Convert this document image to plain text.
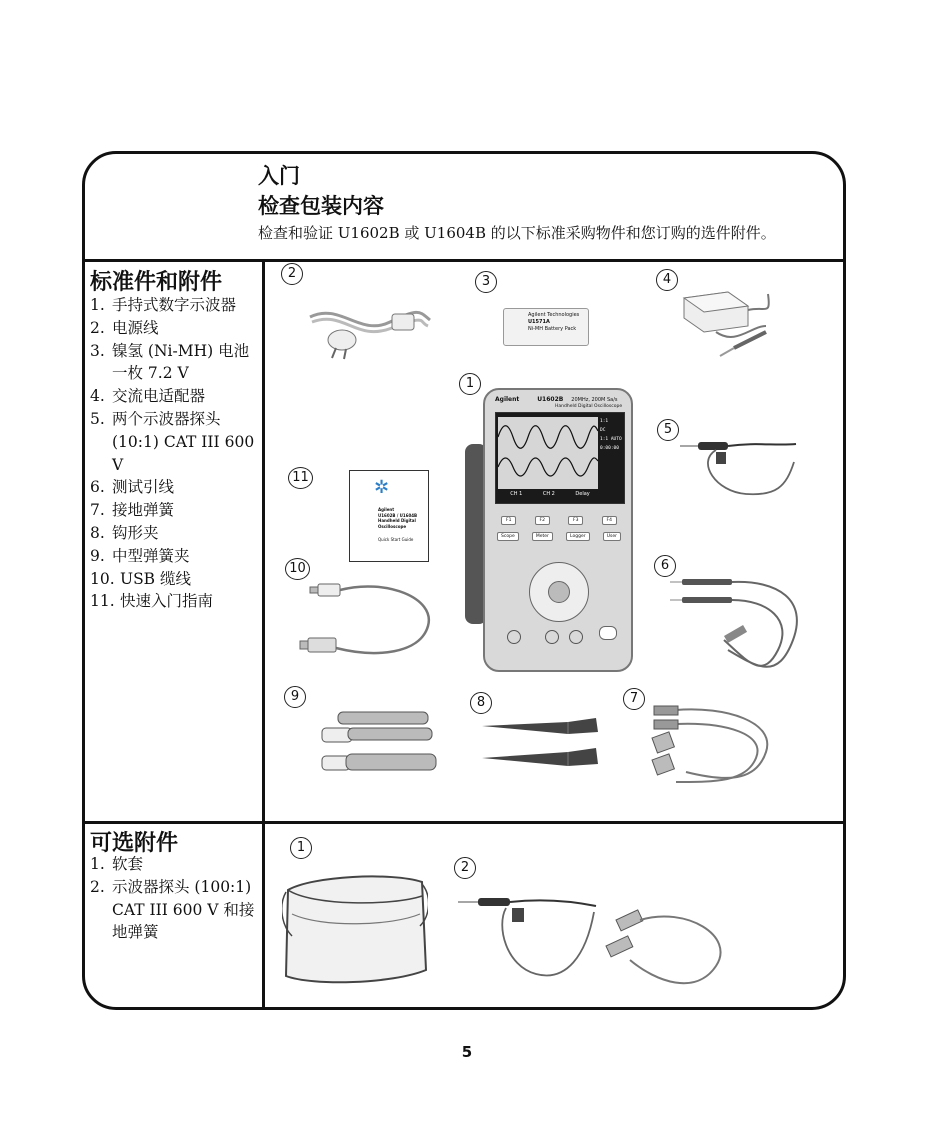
入门
检查包装内容
检查和验证 U1602B 或 U1604B 的以下标准采购物件和您订购的选件附件。
标准件和附件
1. 手持式数字示波器
2. 电源线
3. 镍氢 (Ni-MH) 电池一枚 7.2 V
4. 交流电适配器
5. 两个示波器探头 (10:1) CAT III 600 V
6. 测试引线
7. 接地弹簧
8. 钩形夹
9. 中型弹簧夹
10. USB 缆线
11. 快速入门指南
可选附件
1. 软套
2. 示波器探头 (100:1) CAT III 600 V 和接地弹簧
2
3	4
1
5
11
10	6
9	8	7
1
2
Agilent Technologies
U1571A
Ni-MH Battery Pack
Agilent	U1602B 20MHz, 200M Sa/s
Handheld Digital Oscilloscope
1:1
DC
1:1 AUTO
0:00:00
CH 1	CH 2	Delay
F1	F2	F3	F4
Scope	Meter	Logger	User
✲
Agilent
U1602B / U1604B Handheld Digital Oscilloscope
Quick Start Guide
5
